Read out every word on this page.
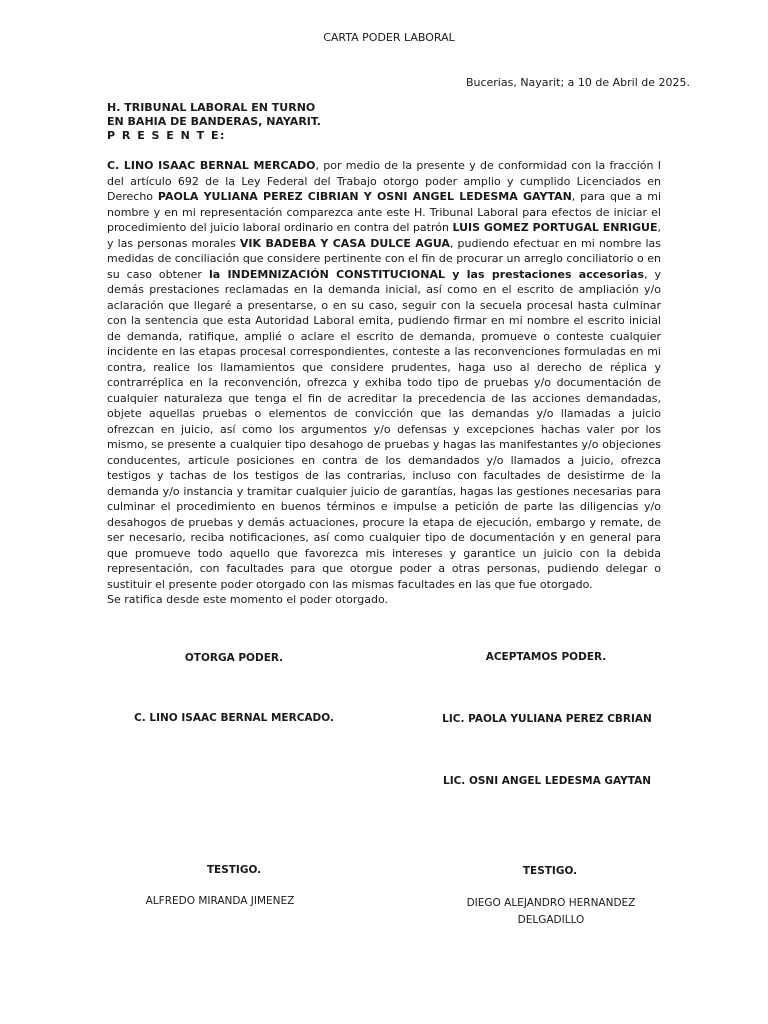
CARTA PODER LABORAL
Bucerias, Nayarit; a 10 de Abril de 2025.
H. TRIBUNAL LABORAL EN TURNO
EN BAHIA DE BANDERAS, NAYARIT.
P R E S E N T E:

C. LINO ISAAC BERNAL MERCADO, por medio de la presente y de conformidad con la fracción I del artículo 692 de la Ley Federal del Trabajo otorgo poder amplio y cumplido Licenciados en Derecho PAOLA YULIANA PEREZ CIBRIAN Y OSNI ANGEL LEDESMA GAYTAN, para que a mi nombre y en mi representación comparezca ante este H. Tribunal Laboral para efectos de iniciar el procedimiento del juicio laboral ordinario en contra del patrón LUIS GOMEZ PORTUGAL ENRIGUE, y las personas morales VIK BADEBA Y CASA DULCE AGUA, pudiendo efectuar en mi nombre las medidas de conciliación que considere pertinente con el fin de procurar un arreglo conciliatorio o en su caso obtener la INDEMNIZACIÓN CONSTITUCIONAL y las prestaciones accesorias, y demás prestaciones reclamadas en la demanda inicial, así como en el escrito de ampliación y/o aclaración que llegaré a presentarse, o en su caso, seguir con la secuela procesal hasta culminar con la sentencia que esta Autoridad Laboral emita, pudiendo firmar en mi nombre el escrito inicial de demanda, ratifique, amplié o aclare el escrito de demanda, promueve o conteste cualquier incidente en las etapas procesal correspondientes, conteste a las reconvenciones formuladas en mi contra, realice los llamamientos que considere prudentes, haga uso al derecho de réplica y contrarréplica en la reconvención, ofrezca y exhiba todo tipo de pruebas y/o documentación de cualquier naturaleza que tenga el fin de acreditar la precedencia de las acciones demandadas, objete aquellas pruebas o elementos de convicción que las demandas y/o llamadas a juicio ofrezcan en juicio, así como los argumentos y/o defensas y excepciones hachas valer por los mismo, se presente a cualquier tipo desahogo de pruebas y hagas las manifestantes y/o objeciones conducentes, articule posiciones en contra de los demandados y/o llamados a juicio, ofrezca testigos y tachas de los testigos de las contrarias, incluso con facultades de desistirme de la demanda y/o instancia y tramitar cualquier juicio de garantías, hagas las gestiones necesarias para culminar el procedimiento en buenos términos e impulse a petición de parte las diligencias y/o desahogos de pruebas y demás actuaciones, procure la etapa de ejecución, embargo y remate, de ser necesario, reciba notificaciones, así como cualquier tipo de documentación y en general para que promueve todo aquello que favorezca mis intereses y garantice un juicio con la debida representación, con facultades para que otorgue poder a otras personas, pudiendo delegar o sustituir el presente poder otorgado con las mismas facultades en las que fue otorgado.

Se ratifica desde este momento el poder otorgado.

OTORGA PODER.	ACEPTAMOS PODER.
C. LINO ISAAC BERNAL MERCADO.	LIC. PAOLA YULIANA PEREZ CBRIAN
LIC. OSNI ANGEL LEDESMA GAYTAN
TESTIGO.	TESTIGO.
ALFREDO MIRANDA JIMENEZ	DIEGO ALEJANDRO HERNANDEZ
DELGADILLO
